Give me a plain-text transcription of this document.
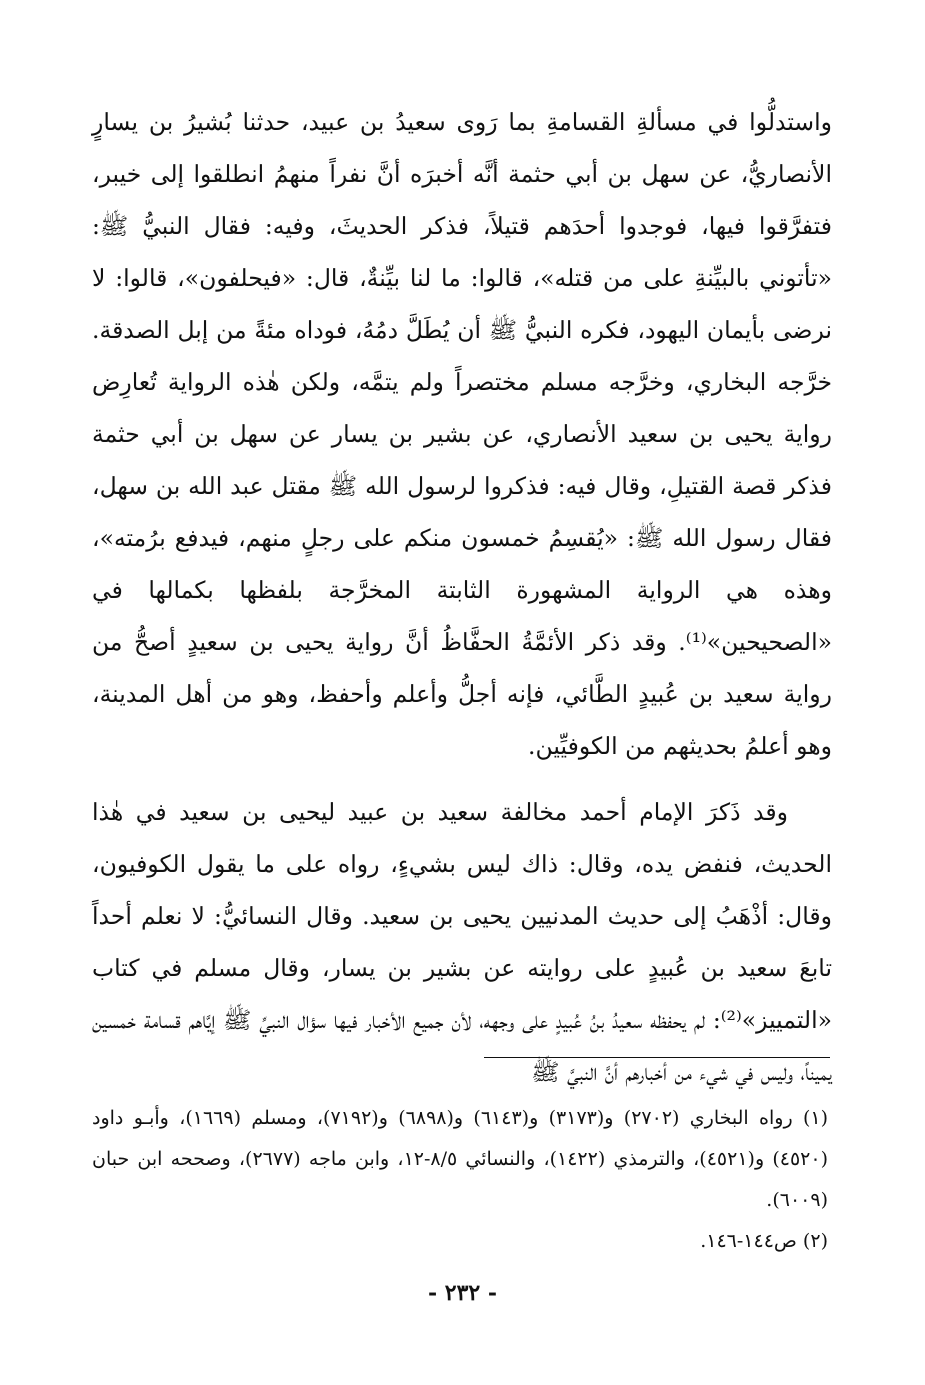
واستدلُّوا في مسألةِ القسامةِ بما رَوى سعيدُ بن عبيد، حدثنا بُشيرُ بن يسارٍ الأنصاريُّ، عن سهل بن أبي حثمة أنَّه أخبرَه أنَّ نفراً منهمُ انطلقوا إلى خيبر، فتفرَّقوا فيها، فوجدوا أحدَهم قتيلاً، فذكر الحديثَ، وفيه: فقال النبيُّ ﷺ: «تأتوني بالبيِّنةِ على من قتله»، قالوا: ما لنا بيِّنةٌ، قال: «فيحلفون»، قالوا: لا نرضى بأيمان اليهود، فكره النبيُّ ﷺ أن يُطَلَّ دمُهُ، فوداه مئةً من إبل الصدقة. خرَّجه البخاري، وخرَّجه مسلم مختصراً ولم يتمَّه، ولكن هٰذه الرواية تُعارِض رواية يحيى بن سعيد الأنصاري، عن بشير بن يسار عن سهل بن أبي حثمة فذكر قصة القتيلِ، وقال فيه: فذكروا لرسول الله ﷺ مقتل عبد الله بن سهل، فقال رسول الله ﷺ: «يُقسِمُ خمسون منكم على رجلٍ منهم، فيدفع برُمته»، وهذه هي الرواية المشهورة الثابتة المخرَّجة بلفظها بكمالها في «الصحيحين»⁽¹⁾. وقد ذكر الأئمَّةُ الحفَّاظُ أنَّ رواية يحيى بن سعيدٍ أصحُّ من رواية سعيد بن عُبيدٍ الطَّائي، فإنه أجلُّ وأعلم وأحفظ، وهو من أهل المدينة، وهو أعلمُ بحديثهم من الكوفيِّين.

وقد ذَكرَ الإمام أحمد مخالفة سعيد بن عبيد ليحيى بن سعيد في هٰذا الحديث، فنفض يده، وقال: ذاك ليس بشيءٍ، رواه على ما يقول الكوفيون، وقال: أذْهَبُ إلى حديث المدنيين يحيى بن سعيد. وقال النسائيُّ: لا نعلم أحداً تابعَ سعيد بن عُبيدٍ على روايته عن بشير بن يسار، وقال مسلم في كتاب «التمييز»⁽²⁾: لم يحفظه سعيدُ بنُ عُبيدٍ على وجهه، لأن جميع الأخبار فيها سؤال النبيِّ ﷺ إيَّاهم قسامة خمسين يميناً، وليس في شيء من أخبارهم أنَّ النبيَّ ﷺ

(١) رواه البخاري (٢٧٠٢) و(٣١٧٣) و(٦١٤٣) و(٦٨٩٨) و(٧١٩٢)، ومسلم (١٦٦٩)، وأبـو داود (٤٥٢٠) و(٤٥٢١)، والترمذي (١٤٢٢)، والنسائي ٨/٥-١٢، وابن ماجه (٢٦٧٧)، وصححه ابن حبان (٦٠٠٩).

(٢) ص١٤٤-١٤٦.

- ٢٣٢ -
